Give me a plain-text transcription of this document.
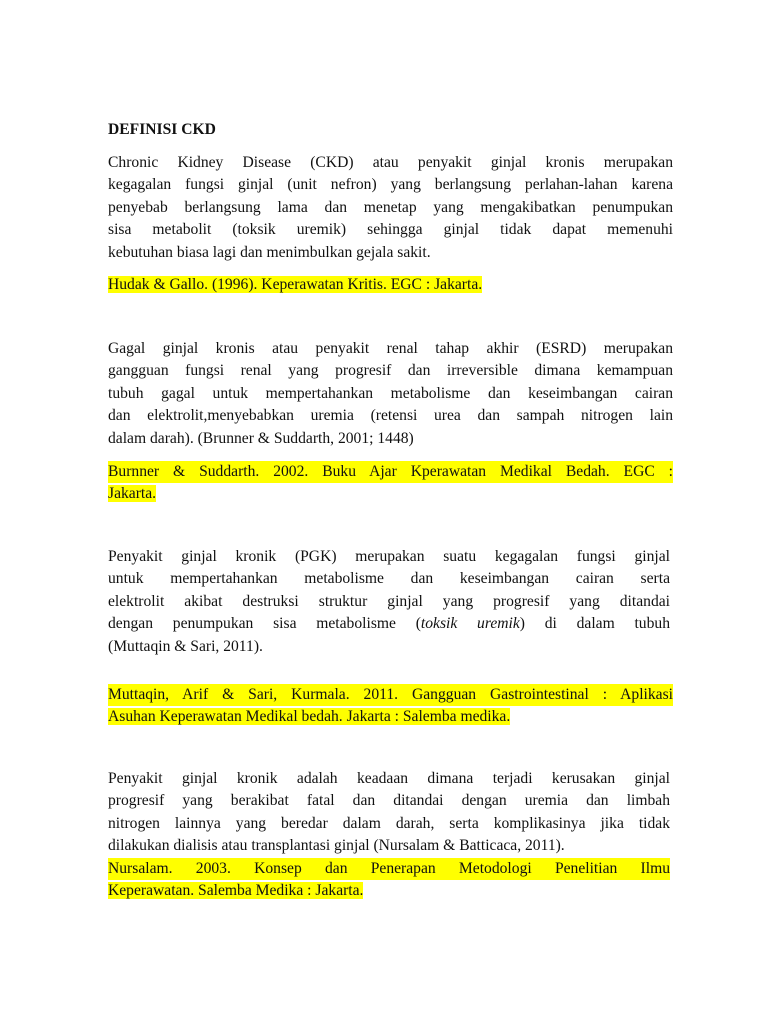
DEFINISI CKD

Chronic Kidney Disease (CKD) atau penyakit ginjal kronis merupakan
kegagalan fungsi ginjal (unit nefron) yang berlangsung perlahan-lahan karena
penyebab berlangsung lama dan menetap yang mengakibatkan penumpukan
sisa metabolit (toksik uremik) sehingga ginjal tidak dapat memenuhi
kebutuhan biasa lagi dan menimbulkan gejala sakit.
Hudak & Gallo. (1996). Keperawatan Kritis. EGC : Jakarta.
Gagal ginjal kronis atau penyakit renal tahap akhir (ESRD) merupakan
gangguan fungsi renal yang progresif dan irreversible dimana kemampuan
tubuh gagal untuk mempertahankan metabolisme dan keseimbangan cairan
dan elektrolit,menyebabkan uremia (retensi urea dan sampah nitrogen lain
dalam darah). (Brunner & Suddarth, 2001; 1448)
Burnner & Suddarth. 2002. Buku Ajar Kperawatan Medikal Bedah. EGC :
Jakarta.
Penyakit ginjal kronik (PGK) merupakan suatu kegagalan fungsi ginjal
untuk mempertahankan metabolisme dan keseimbangan cairan serta
elektrolit akibat destruksi struktur ginjal yang progresif yang ditandai
dengan penumpukan sisa metabolisme (toksik uremik) di dalam tubuh
(Muttaqin & Sari, 2011).
Muttaqin, Arif & Sari, Kurmala. 2011. Gangguan Gastrointestinal : Aplikasi
Asuhan Keperawatan Medikal bedah. Jakarta : Salemba medika.
Penyakit ginjal kronik adalah keadaan dimana terjadi kerusakan ginjal
progresif yang berakibat fatal dan ditandai dengan uremia dan limbah
nitrogen lainnya yang beredar dalam darah, serta komplikasinya jika tidak
dilakukan dialisis atau transplantasi ginjal (Nursalam & Batticaca, 2011).
Nursalam. 2003. Konsep dan Penerapan Metodologi Penelitian Ilmu
Keperawatan. Salemba Medika : Jakarta.
